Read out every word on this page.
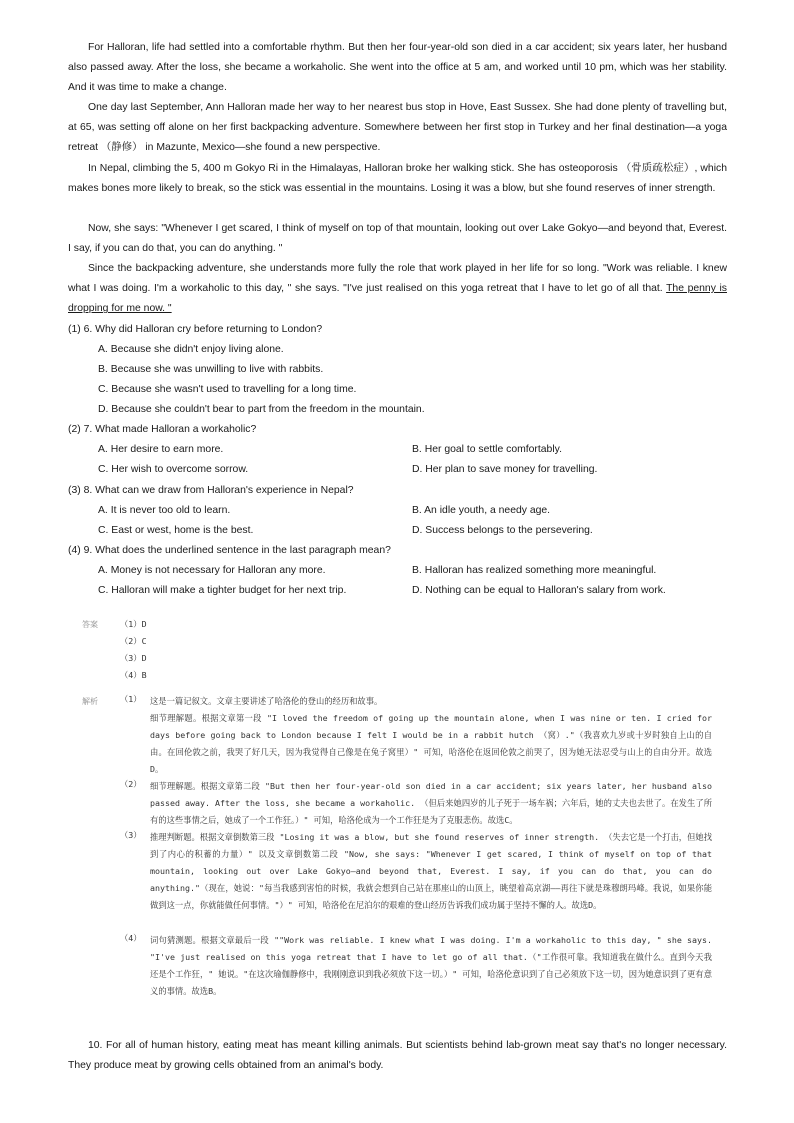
For Halloran, life had settled into a comfortable rhythm. But then her four-year-old son died in a car accident; six years later, her husband also passed away. After the loss, she became a workaholic. She went into the office at 5 am, and worked until 10 pm, which was her stability. And it was time to make a change.

One day last September, Ann Halloran made her way to her nearest bus stop in Hove, East Sussex. She had done plenty of travelling but, at 65, was setting off alone on her first backpacking adventure. Somewhere between her first stop in Turkey and her final destination—a yoga retreat （静修） in Mazunte, Mexico—she found a new perspective.

In Nepal, climbing the 5, 400 m Gokyo Ri in the Himalayas, Halloran broke her walking stick. She has osteoporosis （骨质疏松症）, which makes bones more likely to break, so the stick was essential in the mountains. Losing it was a blow, but she found reserves of inner strength.

Now, she says: "Whenever I get scared, I think of myself on top of that mountain, looking out over Lake Gokyo—and beyond that, Everest. I say, if you can do that, you can do anything. "

Since the backpacking adventure, she understands more fully the role that work played in her life for so long. "Work was reliable. I knew what I was doing. I'm a workaholic to this day, " she says. "I've just realised on this yoga retreat that I have to let go of all that. The penny is dropping for me now. "

(1) 6. Why did Halloran cry before returning to London?
A. Because she didn't enjoy living alone.
B. Because she was unwilling to live with rabbits.
C. Because she wasn't used to travelling for a long time.
D. Because she couldn't bear to part from the freedom in the mountain.
(2) 7. What made Halloran a workaholic?
A. Her desire to earn more.	B. Her goal to settle comfortably.
C. Her wish to overcome sorrow.	D. Her plan to save money for travelling.
(3) 8. What can we draw from Halloran's experience in Nepal?
A. It is never too old to learn.	B. An idle youth, a needy age.
C. East or west, home is the best.	D. Success belongs to the persevering.
(4) 9. What does the underlined sentence in the last paragraph mean?
A. Money is not necessary for Halloran any more.	B. Halloran has realized something more meaningful.
C. Halloran will make a tighter budget for her next trip.	D. Nothing can be equal to Halloran's salary from work.
答案	（1）D
（2）C
（3）D
（4）B
解析	（1） 这是一篇记叙文。文章主要讲述了哈洛伦的登山的经历和故事。

细节理解题。根据文章第一段 "I loved the freedom of going up the mountain alone, when I was nine or ten. I cried for days before going back to London because I felt I would be in a rabbit hutch （窝）."（我喜欢九岁或十岁时独自上山的自由。在回伦敦之前，我哭了好几天，因为我觉得自己像是在兔子窝里）" 可知，哈洛伦在返回伦敦之前哭了，因为她无法忍受与山上的自由分开。故选D。

（2） 细节理解题。根据文章第二段 "But then her four-year-old son died in a car accident; six years later, her husband also passed away. After the loss, she became a workaholic. （但后来她四岁的儿子死于一场车祸；六年后，她的丈夫也去世了。在发生了所有的这些事情之后，她成了一个工作狂。）" 可知，哈洛伦成为一个工作狂是为了克服悲伤。故选C。

（3） 推理判断题。根据文章倒数第三段 "Losing it was a blow, but she found reserves of inner strength. （失去它是一个打击，但她找到了内心的积蓄的力量）" 以及文章倒数第二段 "Now, she says: "Whenever I get scared, I think of myself on top of that mountain, looking out over Lake Gokyo—and beyond that, Everest. I say, if you can do that, you can do anything."（现在，她说："每当我感到害怕的时候，我就会想到自己站在那座山的山顶上，眺望着高京湖——再往下就是珠穆朗玛峰。我说，如果你能做到这一点，你就能做任何事情。"）" 可知，哈洛伦在尼泊尔的艰难的登山经历告诉我们成功属于坚持不懈的人。故选D。

（4） 词句猜测题。根据文章最后一段 ""Work was reliable. I knew what I was doing. I'm a workaholic to this day, " she says. "I've just realised on this yoga retreat that I have to let go of all that.（"工作很可靠。我知道我在做什么。直到今天我还是个工作狂，" 她说。"在这次瑜伽静修中，我刚刚意识到我必须放下这一切。）" 可知，哈洛伦意识到了自己必须放下这一切，因为她意识到了更有意义的事情。故选B。

10. For all of human history, eating meat has meant killing animals. But scientists behind lab-grown meat say that's no longer necessary. They produce meat by growing cells obtained from an animal's body.
